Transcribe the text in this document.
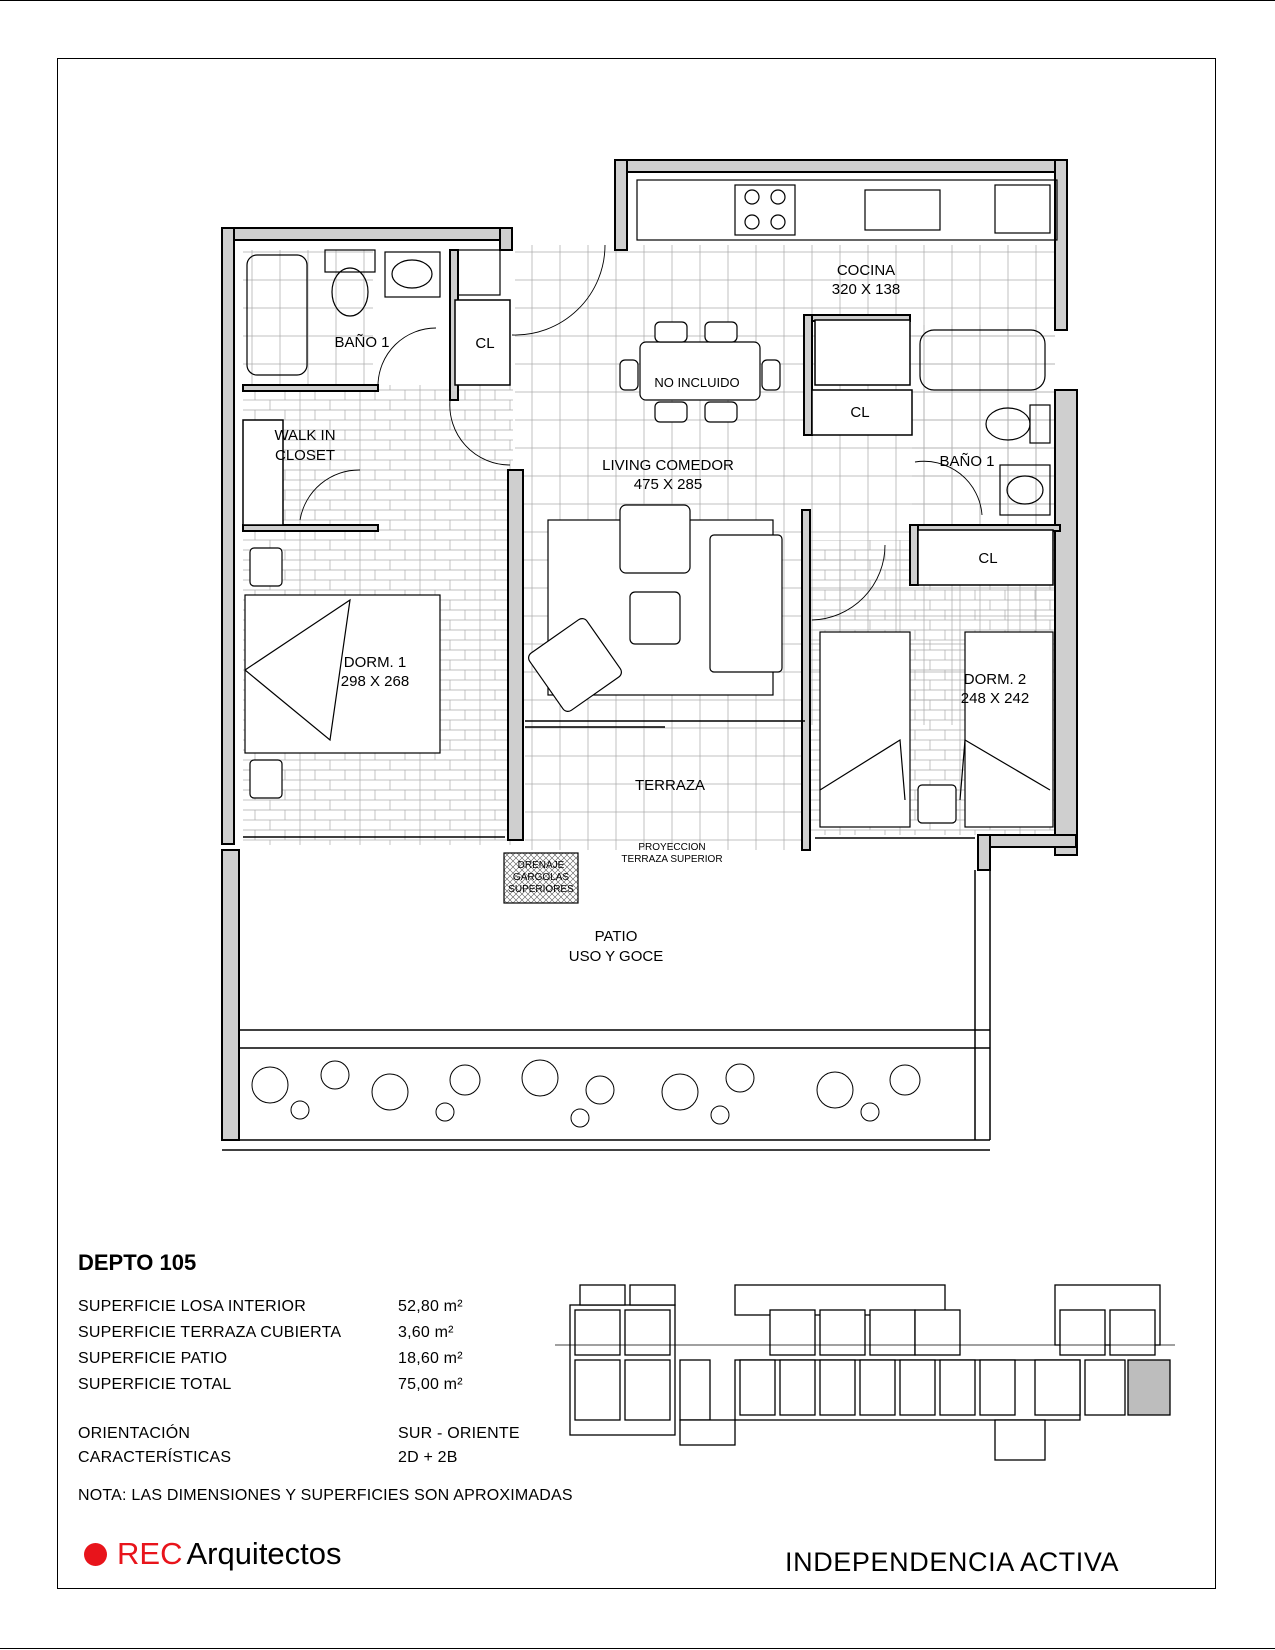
COCINA
320 X 138
BAÑO 1	CL
CL
BAÑO 1
CL
WALK IN
CLOSET
LIVING COMEDOR
475 X 285
DORM. 1
298 X 268	DORM. 2
248 X 242
TERRAZA
PATIO
USO Y GOCE
NO INCLUIDO
PROYECCION
TERRAZA SUPERIOR
DRENAJE
GARGOLAS
SUPERIORES
DEPTO 105
SUPERFICIE LOSA INTERIOR	52,80 m²
SUPERFICIE TERRAZA CUBIERTA	3,60 m²
SUPERFICIE PATIO	18,60 m²
SUPERFICIE TOTAL	75,00 m²
ORIENTACIÓN	SUR - ORIENTE
CARACTERÍSTICAS	2D + 2B
NOTA: LAS DIMENSIONES Y SUPERFICIES SON APROXIMADAS
REC Arquitectos	INDEPENDENCIA ACTIVA
